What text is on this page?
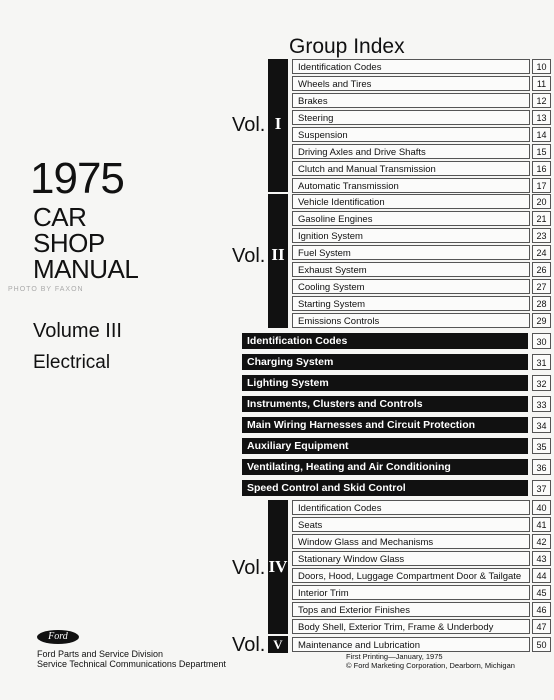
1975
CAR
SHOP
MANUAL
PHOTO BY FAXON
Volume III
Electrical
Group Index
Vol. I
Identification Codes	10
Wheels and Tires	11
Brakes	12
Steering	13
Suspension	14
Driving Axles and Drive Shafts	15
Clutch and Manual Transmission	16
Automatic Transmission	17
Vol. II
Vehicle Identification	20
Gasoline Engines	21
Ignition System	23
Fuel System	24
Exhaust System	26
Cooling System	27
Starting System	28
Emissions Controls	29
Identification Codes	30
Charging System	31
Lighting System	32
Instruments, Clusters and Controls	33
Main Wiring Harnesses and Circuit Protection	34
Auxiliary Equipment	35
Ventilating, Heating and Air Conditioning	36
Speed Control and Skid Control	37
Vol. IV
Identification Codes	40
Seats	41
Window Glass and Mechanisms	42
Stationary Window Glass	43
Doors, Hood, Luggage Compartment Door & Tailgate	44
Interior Trim	45
Tops and Exterior Finishes	46
Body Shell, Exterior Trim, Frame & Underbody	47
Vol. V	Maintenance and Lubrication	50
Ford
Ford Parts and Service Division
Service Technical Communications Department
First Printing—January, 1975
© Ford Marketing Corporation, Dearborn, Michigan
